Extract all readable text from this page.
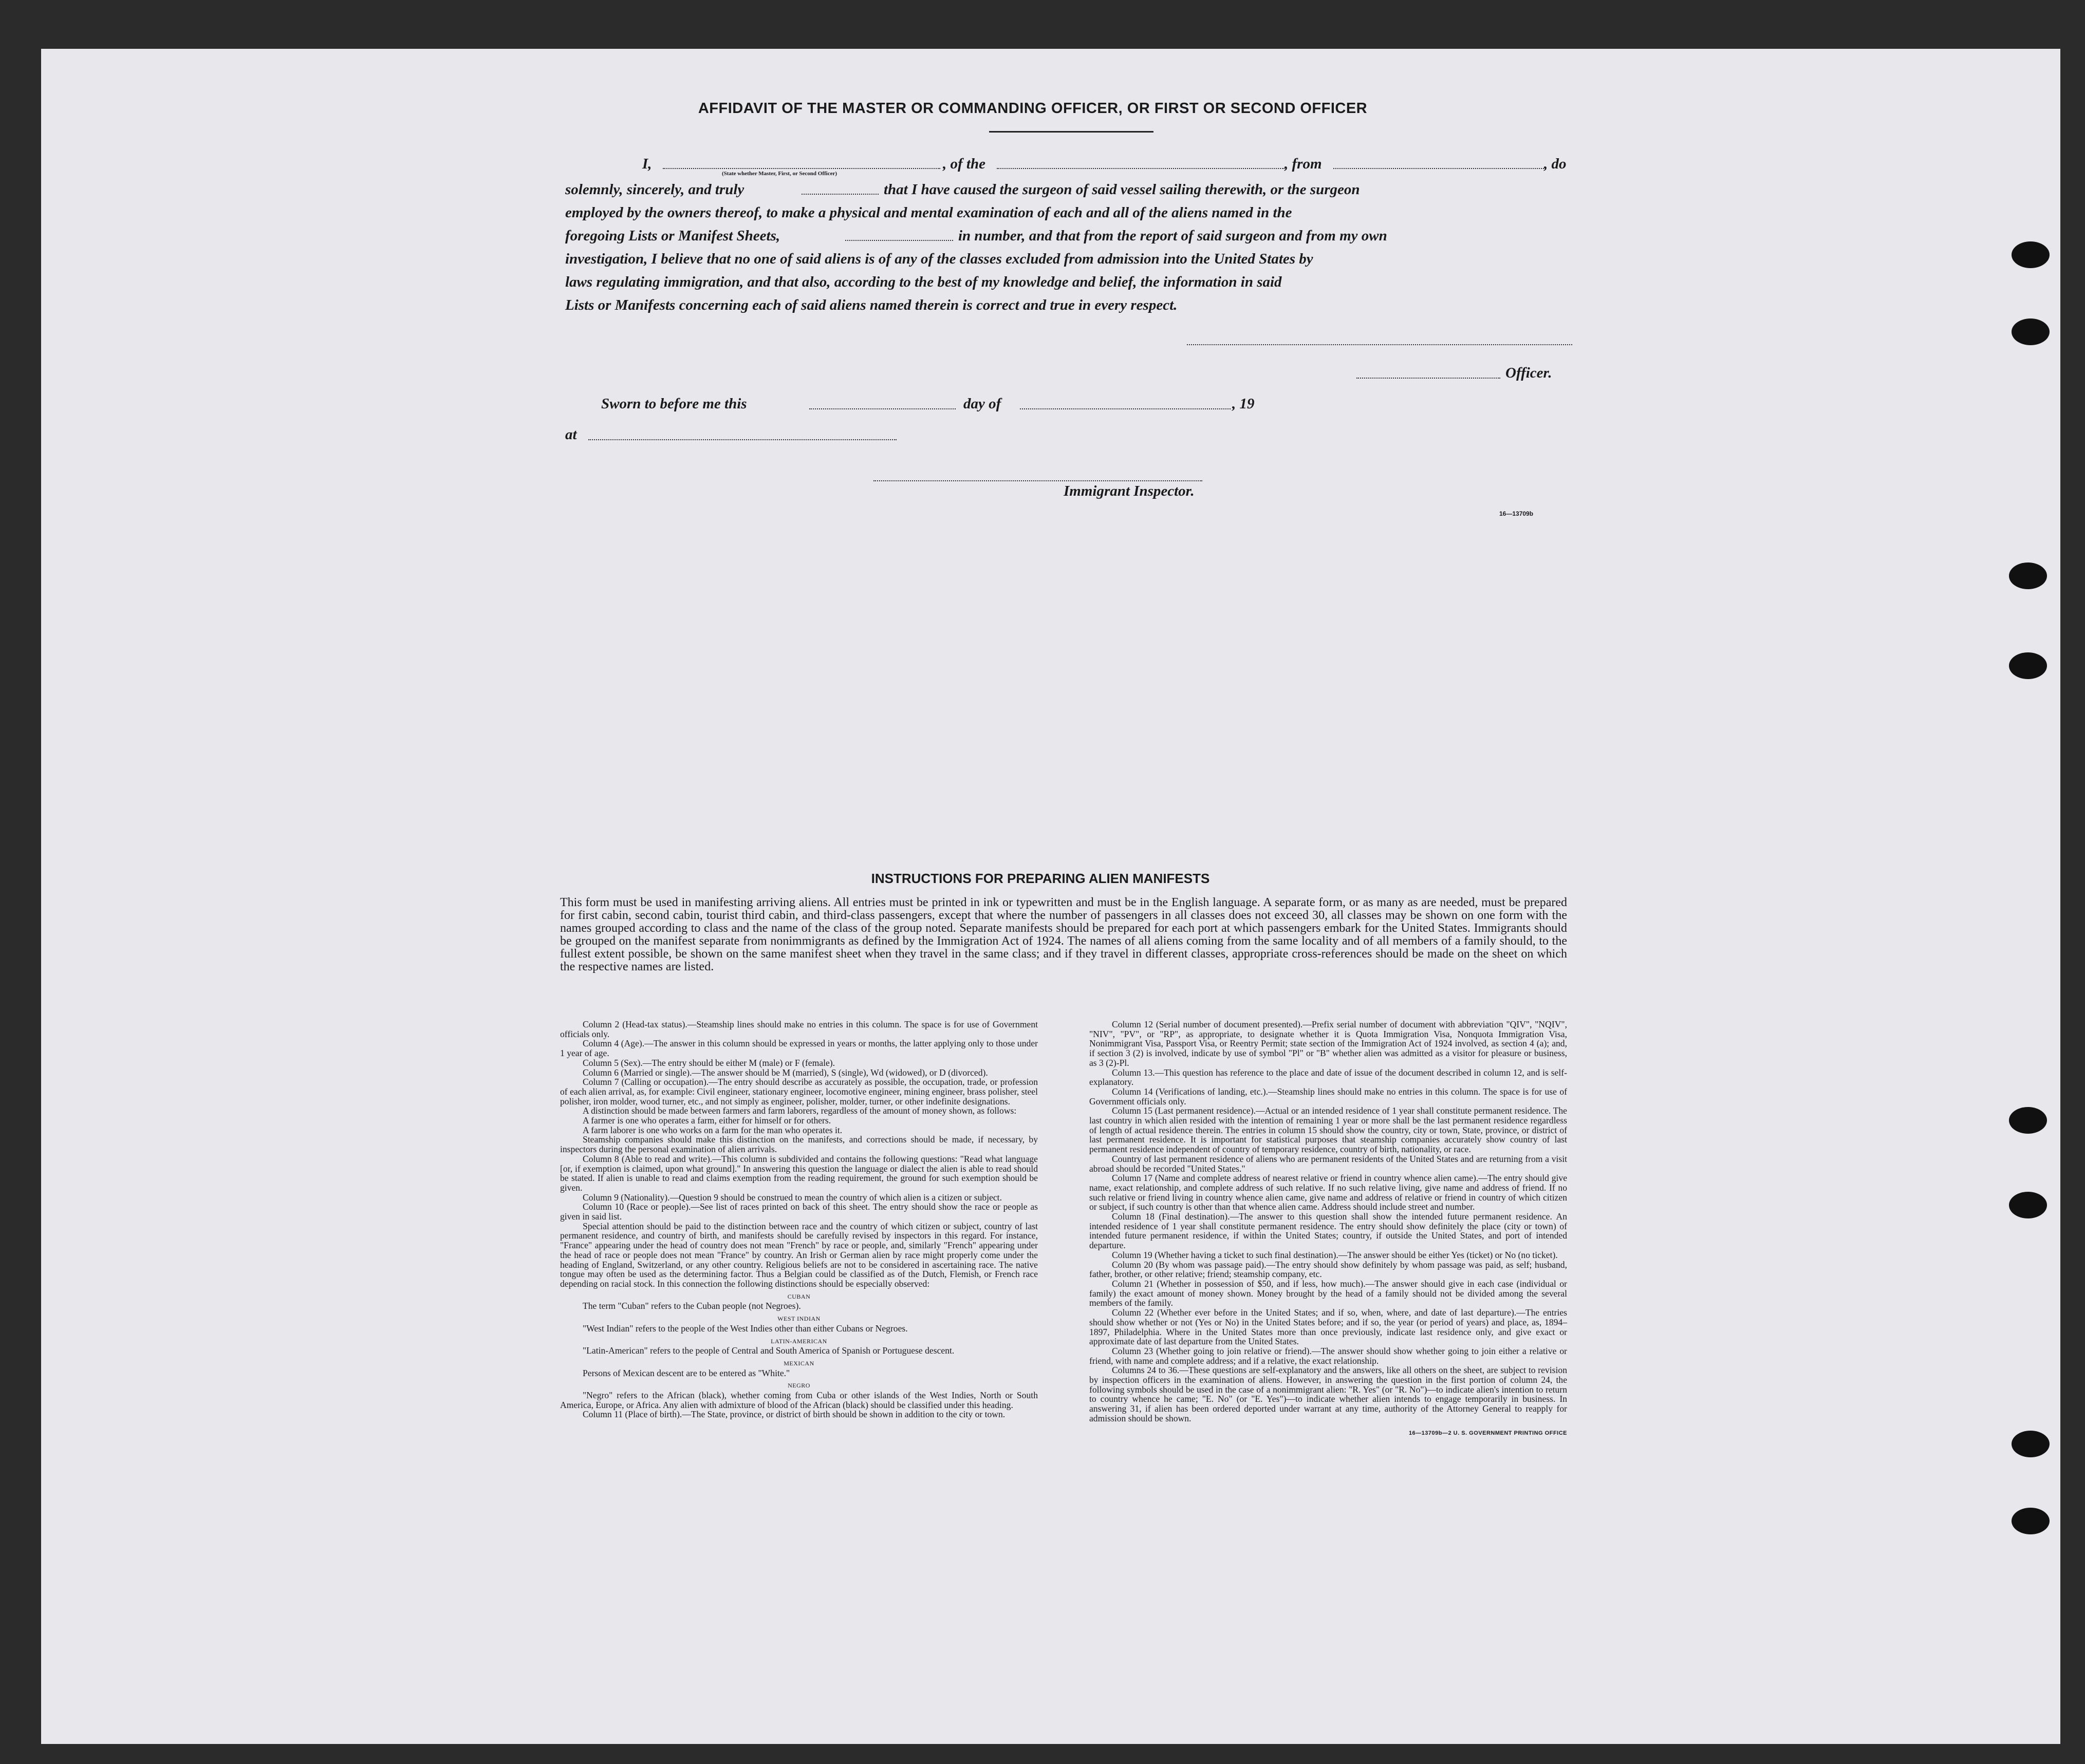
AFFIDAVIT OF THE MASTER OR COMMANDING OFFICER, OR FIRST OR SECOND OFFICER
I,
(State whether Master, First, or Second Officer)
, of the	, from	, do
solemnly, sincerely, and truly	that I have caused the surgeon of said vessel sailing therewith, or the surgeon
employed by the owners thereof, to make a physical and mental examination of each and all of the aliens named in the
foregoing Lists or Manifest Sheets,	in number, and that from the report of said surgeon and from my own
investigation, I believe that no one of said aliens is of any of the classes excluded from admission into the United States by
laws regulating immigration, and that also, according to the best of my knowledge and belief, the information in said
Lists or Manifests concerning each of said aliens named therein is correct and true in every respect.
Officer.
Sworn to before me this	day of	, 19
at
Immigrant Inspector.
16—13709b
INSTRUCTIONS FOR PREPARING ALIEN MANIFESTS
This form must be used in manifesting arriving aliens. All entries must be printed in ink or typewritten and must be in the English language. A separate form, or as many as are needed, must be prepared for first cabin, second cabin, tourist third cabin, and third-class passengers, except that where the number of passengers in all classes does not exceed 30, all classes may be shown on one form with the names grouped according to class and the name of the class of the group noted. Separate manifests should be prepared for each port at which passengers embark for the United States. Immigrants should be grouped on the manifest separate from nonimmigrants as defined by the Immigration Act of 1924. The names of all aliens coming from the same locality and of all members of a family should, to the fullest extent possible, be shown on the same manifest sheet when they travel in the same class; and if they travel in different classes, appropriate cross-references should be made on the sheet on which the respective names are listed.

Column 2 (Head-tax status).—Steamship lines should make no entries in this column. The space is for use of Government officials only.

Column 4 (Age).—The answer in this column should be expressed in years or months, the latter applying only to those under 1 year of age.

Column 5 (Sex).—The entry should be either M (male) or F (female).

Column 6 (Married or single).—The answer should be M (married), S (single), Wd (widowed), or D (divorced).

Column 7 (Calling or occupation).—The entry should describe as accurately as possible, the occupation, trade, or profession of each alien arrival, as, for example: Civil engineer, stationary engineer, locomotive engineer, mining engineer, brass polisher, steel polisher, iron molder, wood turner, etc., and not simply as engineer, polisher, molder, turner, or other indefinite designations.

A distinction should be made between farmers and farm laborers, regardless of the amount of money shown, as follows:

A farmer is one who operates a farm, either for himself or for others.

A farm laborer is one who works on a farm for the man who operates it.

Steamship companies should make this distinction on the manifests, and corrections should be made, if necessary, by inspectors during the personal examination of alien arrivals.

Column 8 (Able to read and write).—This column is subdivided and contains the following questions: "Read what language [or, if exemption is claimed, upon what ground]." In answering this question the language or dialect the alien is able to read should be stated. If alien is unable to read and claims exemption from the reading requirement, the ground for such exemption should be given.

Column 9 (Nationality).—Question 9 should be construed to mean the country of which alien is a citizen or subject.

Column 10 (Race or people).—See list of races printed on back of this sheet. The entry should show the race or people as given in said list.

Special attention should be paid to the distinction between race and the country of which citizen or subject, country of last permanent residence, and country of birth, and manifests should be carefully revised by inspectors in this regard. For instance, "France" appearing under the head of country does not mean "French" by race or people, and, similarly "French" appearing under the head of race or people does not mean "France" by country. An Irish or German alien by race might properly come under the heading of England, Switzerland, or any other country. Religious beliefs are not to be considered in ascertaining race. The native tongue may often be used as the determining factor. Thus a Belgian could be classified as of the Dutch, Flemish, or French race depending on racial stock. In this connection the following distinctions should be especially observed:

CUBAN

The term "Cuban" refers to the Cuban people (not Negroes).

WEST INDIAN

"West Indian" refers to the people of the West Indies other than either Cubans or Negroes.

LATIN-AMERICAN

"Latin-American" refers to the people of Central and South America of Spanish or Portuguese descent.

MEXICAN

Persons of Mexican descent are to be entered as "White."

NEGRO

"Negro" refers to the African (black), whether coming from Cuba or other islands of the West Indies, North or South America, Europe, or Africa. Any alien with admixture of blood of the African (black) should be classified under this heading.

Column 11 (Place of birth).—The State, province, or district of birth should be shown in addition to the city or town.

Column 12 (Serial number of document presented).—Prefix serial number of document with abbreviation "QIV", "NQIV", "NIV", "PV", or "RP", as appropriate, to designate whether it is Quota Immigration Visa, Nonquota Immigration Visa, Nonimmigrant Visa, Passport Visa, or Reentry Permit; state section of the Immigration Act of 1924 involved, as section 4 (a); and, if section 3 (2) is involved, indicate by use of symbol "Pl" or "B" whether alien was admitted as a visitor for pleasure or business, as 3 (2)-Pl.

Column 13.—This question has reference to the place and date of issue of the document described in column 12, and is self-explanatory.

Column 14 (Verifications of landing, etc.).—Steamship lines should make no entries in this column. The space is for use of Government officials only.

Column 15 (Last permanent residence).—Actual or an intended residence of 1 year shall constitute permanent residence. The last country in which alien resided with the intention of remaining 1 year or more shall be the last permanent residence regardless of length of actual residence therein. The entries in column 15 should show the country, city or town, State, province, or district of last permanent residence. It is important for statistical purposes that steamship companies accurately show country of last permanent residence independent of country of temporary residence, country of birth, nationality, or race.

Country of last permanent residence of aliens who are permanent residents of the United States and are returning from a visit abroad should be recorded "United States."

Column 17 (Name and complete address of nearest relative or friend in country whence alien came).—The entry should give name, exact relationship, and complete address of such relative. If no such relative living, give name and address of friend. If no such relative or friend living in country whence alien came, give name and address of relative or friend in country of which citizen or subject, if such country is other than that whence alien came. Address should include street and number.

Column 18 (Final destination).—The answer to this question shall show the intended future permanent residence. An intended residence of 1 year shall constitute permanent residence. The entry should show definitely the place (city or town) of intended future permanent residence, if within the United States; country, if outside the United States, and port of intended departure.

Column 19 (Whether having a ticket to such final destination).—The answer should be either Yes (ticket) or No (no ticket).

Column 20 (By whom was passage paid).—The entry should show definitely by whom passage was paid, as self; husband, father, brother, or other relative; friend; steamship company, etc.

Column 21 (Whether in possession of $50, and if less, how much).—The answer should give in each case (individual or family) the exact amount of money shown. Money brought by the head of a family should not be divided among the several members of the family.

Column 22 (Whether ever before in the United States; and if so, when, where, and date of last departure).—The entries should show whether or not (Yes or No) in the United States before; and if so, the year (or period of years) and place, as, 1894–1897, Philadelphia. Where in the United States more than once previously, indicate last residence only, and give exact or approximate date of last departure from the United States.

Column 23 (Whether going to join relative or friend).—The answer should show whether going to join either a relative or friend, with name and complete address; and if a relative, the exact relationship.

Columns 24 to 36.—These questions are self-explanatory and the answers, like all others on the sheet, are subject to revision by inspection officers in the examination of aliens. However, in answering the question in the first portion of column 24, the following symbols should be used in the case of a nonimmigrant alien: "R. Yes" (or "R. No")—to indicate alien's intention to return to country whence he came; "E. No" (or "E. Yes")—to indicate whether alien intends to engage temporarily in business. In answering 31, if alien has been ordered deported under warrant at any time, authority of the Attorney General to reapply for admission should be shown.

16—13709b—2 U. S. GOVERNMENT PRINTING OFFICE
